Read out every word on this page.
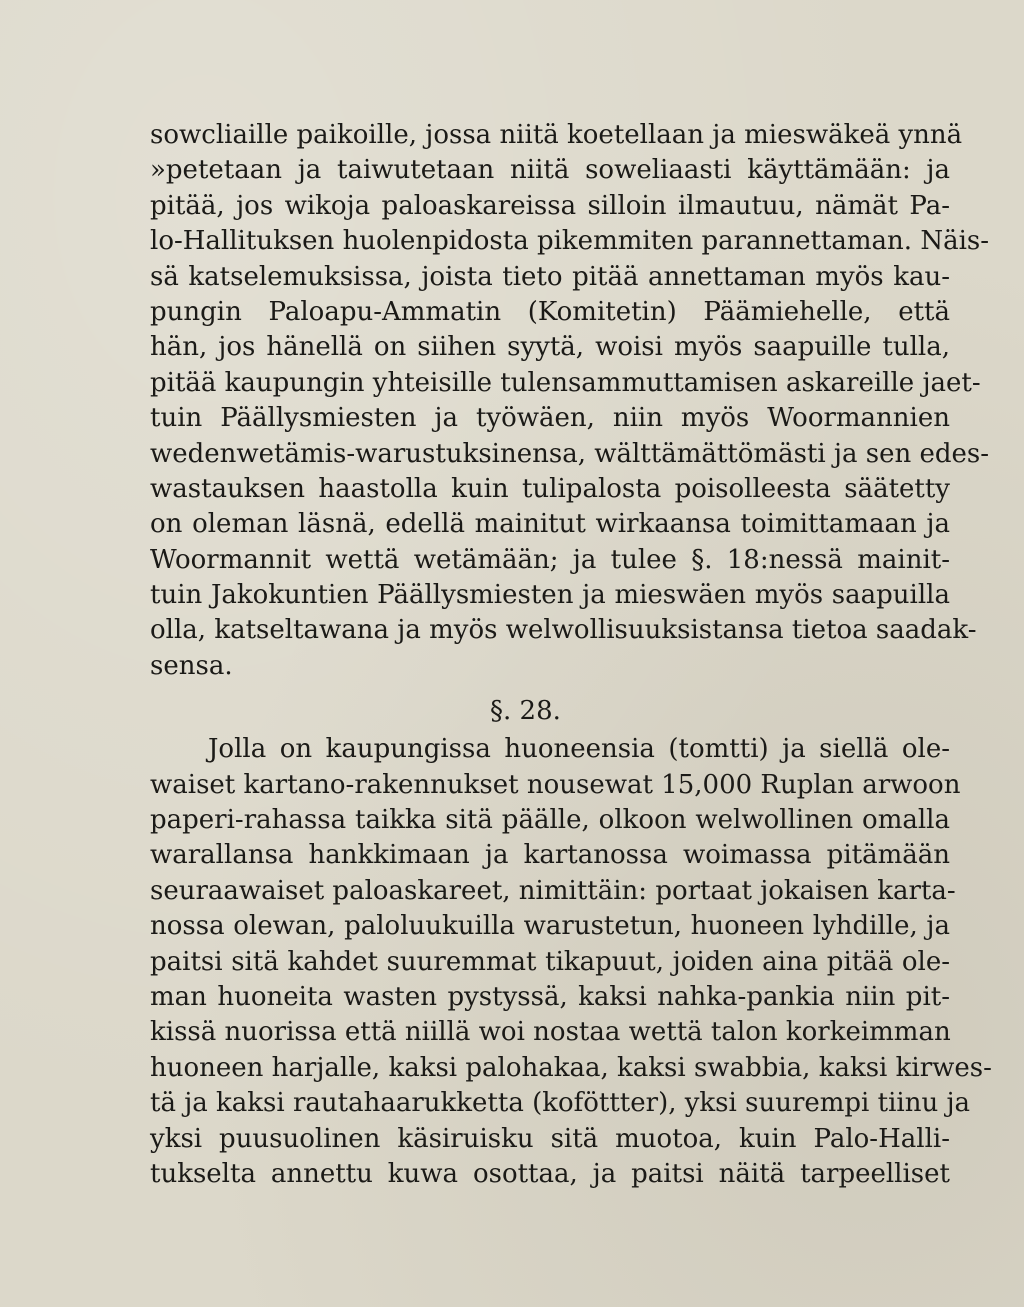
sowcliaille paikoille, jossa niitä koetellaan ja mieswäkeä ynnä
»petetaan ja taiwutetaan niitä soweliaasti käyttämään: ja
pitää, jos wikoja paloaskareissa silloin ilmautuu, nämät Pa-
lo-Hallituksen huolenpidosta pikemmiten parannettaman. Näis-
sä katselemuksissa, joista tieto pitää annettaman myös kau-
pungin Paloapu-Ammatin (Komitetin) Päämiehelle, että
hän, jos hänellä on siihen syytä, woisi myös saapuille tulla,
pitää kaupungin yhteisille tulensammuttamisen askareille jaet-
tuin Päällysmiesten ja työwäen, niin myös Woormannien
wedenwetämis-warustuksinensa, wälttämättömästi ja sen edes-
wastauksen haastolla kuin tulipalosta poisolleesta säätetty
on oleman läsnä, edellä mainitut wirkaansa toimittamaan ja
Woormannit wettä wetämään; ja tulee §. 18:nessä mainit-
tuin Jakokuntien Päällysmiesten ja mieswäen myös saapuilla
olla, katseltawana ja myös welwollisuuksistansa tietoa saadak-
sensa.
§. 28.
Jolla on kaupungissa huoneensia (tomtti) ja siellä ole-
waiset kartano-rakennukset nousewat 15,000 Ruplan arwoon
paperi-rahassa taikka sitä päälle, olkoon welwollinen omalla
warallansa hankkimaan ja kartanossa woimassa pitämään
seuraawaiset paloaskareet, nimittäin: portaat jokaisen karta-
nossa olewan, paloluukuilla warustetun, huoneen lyhdille, ja
paitsi sitä kahdet suuremmat tikapuut, joiden aina pitää ole-
man huoneita wasten pystyssä, kaksi nahka-pankia niin pit-
kissä nuorissa että niillä woi nostaa wettä talon korkeimman
huoneen harjalle, kaksi palohakaa, kaksi swabbia, kaksi kirwes-
tä ja kaksi rautahaarukketta (koföttter), yksi suurempi tiinu ja
yksi puusuolinen käsiruisku sitä muotoa, kuin Palo-Halli-
tukselta annettu kuwa osottaa, ja paitsi näitä tarpeelliset
